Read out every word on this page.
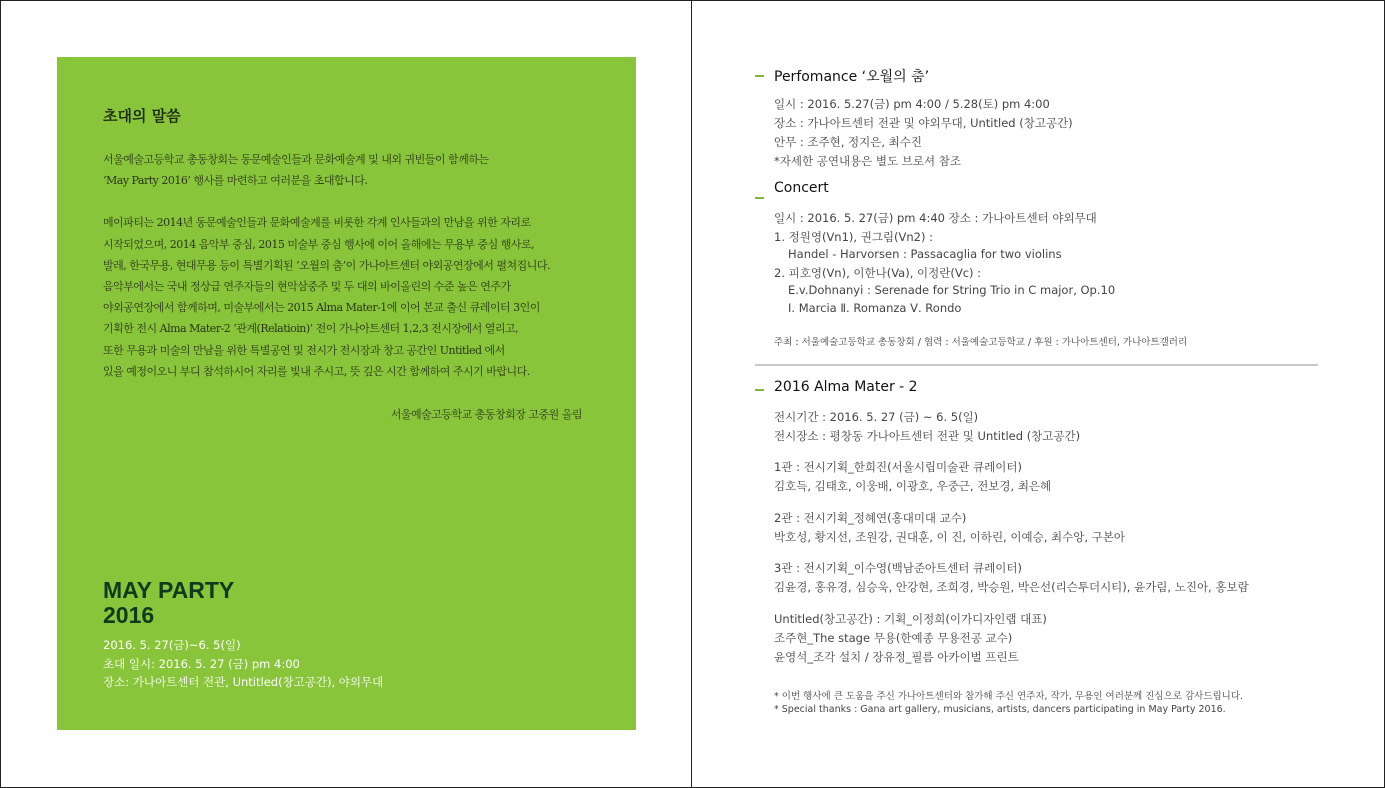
초대의 말씀
서울예술고등학교 총동창회는 동문예술인들과 문화예술계 및 내외 귀빈들이 함께하는
‘May Party 2016’ 행사를 마련하고 여러분을 초대합니다.
메이파티는 2014년 동문예술인들과 문화예술계를 비롯한 각계 인사들과의 만남을 위한 자리로
시작되었으며, 2014 음악부 중심, 2015 미술부 중심 행사에 이어 올해에는 무용부 중심 행사로,
발레, 한국무용, 현대무용 등이 특별기획된 ‘오월의 춤’이 가나아트센터 야외공연장에서 펼쳐집니다.
음악부에서는 국내 정상급 연주자들의 현악삼중주 및 두 대의 바이올린의 수준 높은 연주가
야외공연장에서 함께하며, 미술부에서는 2015 Alma Mater-1에 이어 본교 출신 큐레이터 3인이
기획한 전시 Alma Mater-2 ‘관계(Relatioin)’ 전이 가나아트센터 1,2,3 전시장에서 열리고,
또한 무용과 미술의 만남을 위한 특별공연 및 전시가 전시장과 창고 공간인 Untitled 에서
있을 예정이오니 부디 참석하시어 자리를 빛내 주시고, 뜻 깊은 시간 함께하여 주시기 바랍니다.
서울예술고등학교 총동창회장 고중원 올림
MAY PARTY
2016
2016. 5. 27(금)~6. 5(일)
초대 일시: 2016. 5. 27 (금) pm 4:00
장소: 가나아트센터 전관, Untitled(창고공간), 야외무대
Perfomance ‘오월의 춤’
일시 : 2016. 5.27(금) pm 4:00 / 5.28(토) pm 4:00
장소 : 가나아트센터 전관 및 야외무대, Untitled (창고공간)
안무 : 조주현, 정지은, 최수진
*자세한 공연내용은 별도 브로셔 참조
Concert
일시 : 2016. 5. 27(금) pm 4:40 장소 : 가나아트센터 야외무대
1. 정원영(Vn1), 권그림(Vn2) :
Handel - Harvorsen : Passacaglia for two violins
2. 피호영(Vn), 이한나(Va), 이정란(Vc) :
E.v.Dohnanyi : Serenade for String Trio in C major, Op.10
Ⅰ. Marcia Ⅱ. Romanza Ⅴ. Rondo
주최 : 서울예술고등학교 총동창회 / 협력 : 서울예술고등학교 / 후원 : 가나아트센터, 가나아트갤러리
2016 Alma Mater - 2
전시기간 : 2016. 5. 27 (금) ~ 6. 5(일)
전시장소 : 평창동 가나아트센터 전관 및 Untitled (창고공간)
1관 : 전시기획_한희진(서울시립미술관 큐레이터)
김호득, 김태호, 이웅배, 이광호, 우중근, 전보경, 최은혜
2관 : 전시기획_정혜연(홍대미대 교수)
박호성, 황지선, 조원강, 권대훈, 이 진, 이하린, 이예승, 최수앙, 구본아
3관 : 전시기획_이수영(백남준아트센터 큐레이터)
김윤경, 홍유경, 심승욱, 안강현, 조희경, 박승원, 박은선(리슨투더시티), 윤가림, 노진아, 홍보람
Untitled(창고공간) : 기획_이정희(이가디자인랩 대표)
조주현_The stage 무용(한예종 무용전공 교수)
윤영석_조각 설치 / 장유정_필름 아카이벌 프린트
* 이번 행사에 큰 도움을 주신 가나아트센터와 참가해 주신 연주자, 작가, 무용인 여러분께 진심으로 감사드립니다.
* Special thanks : Gana art gallery, musicians, artists, dancers participating in May Party 2016.
